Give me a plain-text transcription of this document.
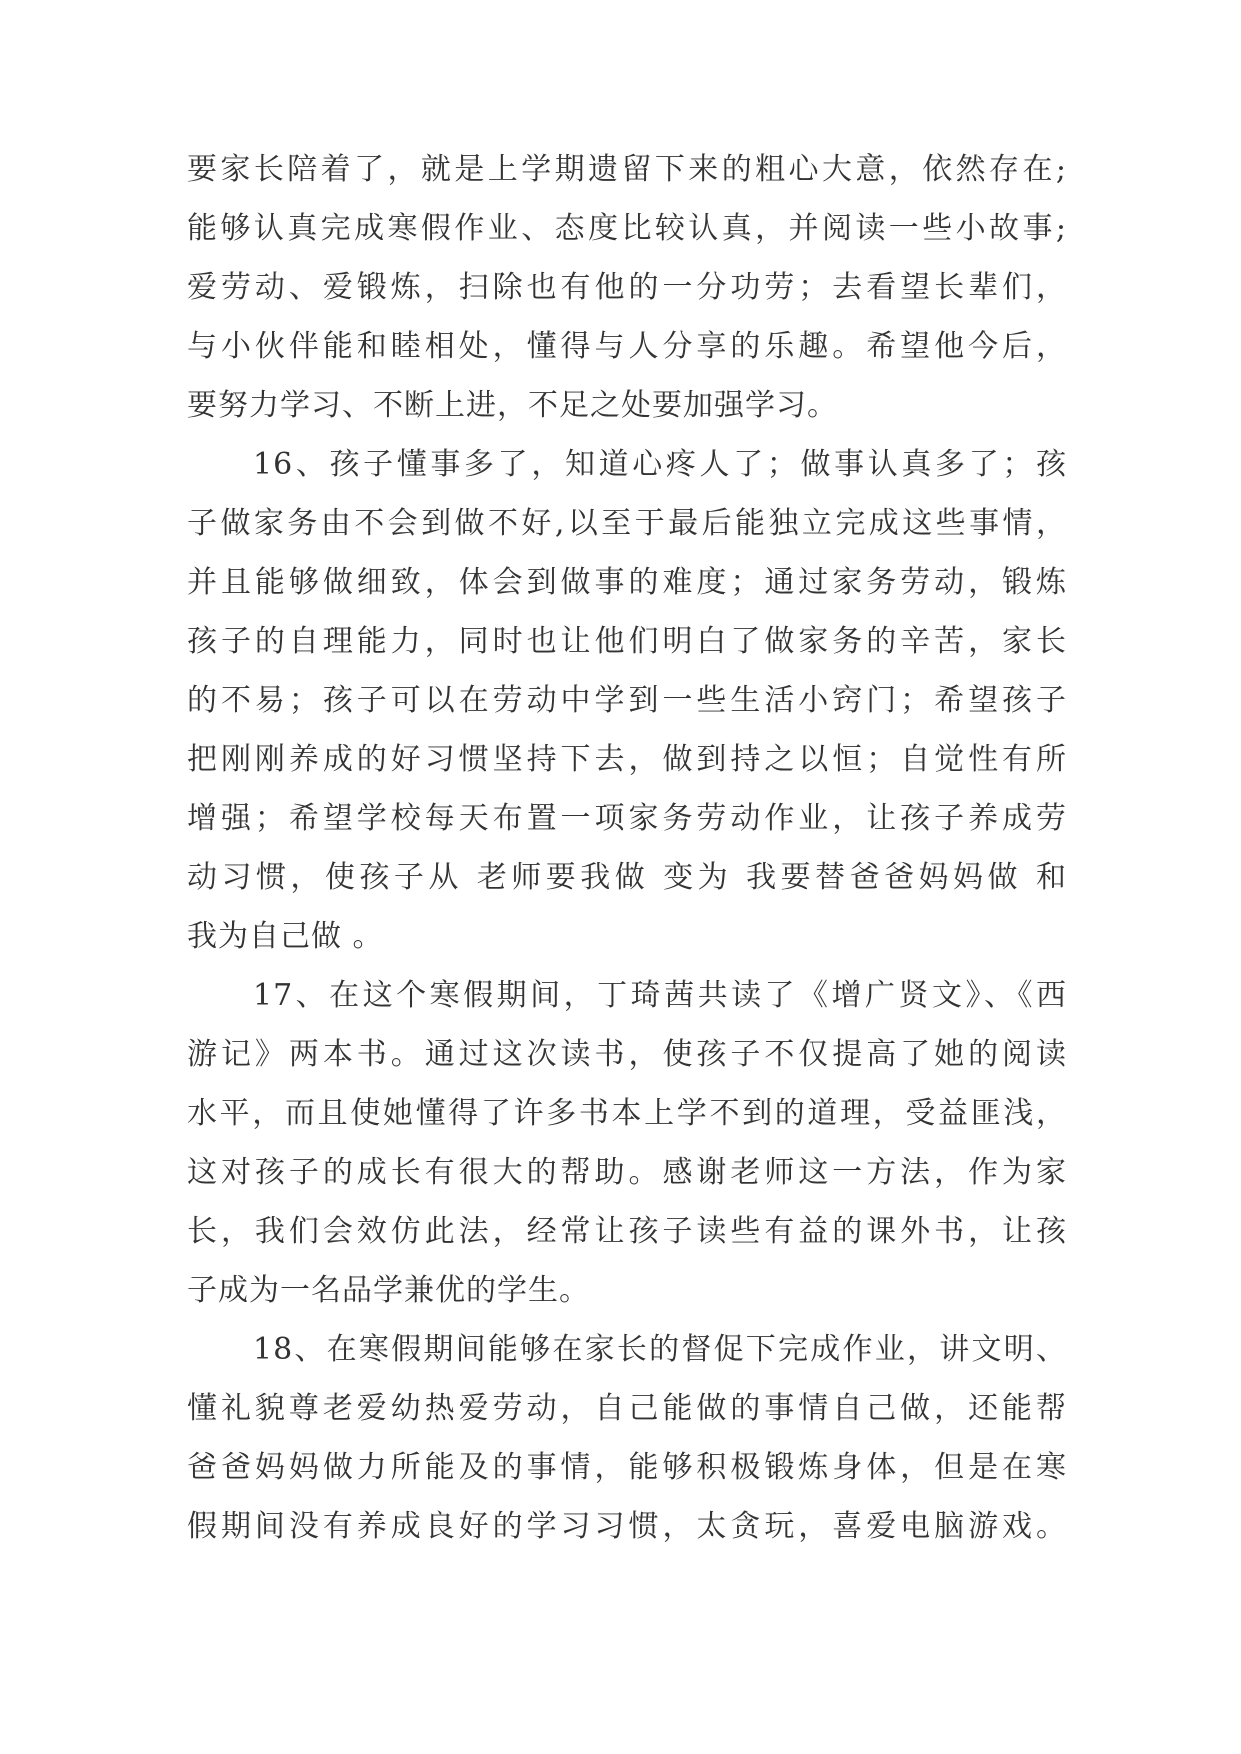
要家长陪着了，就是上学期遗留下来的粗心大意，依然存在;
能够认真完成寒假作业、态度比较认真，并阅读一些小故事;
爱劳动、爱锻炼，扫除也有他的一分功劳；去看望长辈们，
与小伙伴能和睦相处，懂得与人分享的乐趣。希望他今后，
要努力学习、不断上进，不足之处要加强学习。
16、孩子懂事多了，知道心疼人了；做事认真多了；孩
子做家务由不会到做不好,以至于最后能独立完成这些事情，
并且能够做细致，体会到做事的难度；通过家务劳动，锻炼
孩子的自理能力，同时也让他们明白了做家务的辛苦，家长
的不易；孩子可以在劳动中学到一些生活小窍门；希望孩子
把刚刚养成的好习惯坚持下去，做到持之以恒；自觉性有所
增强；希望学校每天布置一项家务劳动作业，让孩子养成劳
动习惯，使孩子从 老师要我做 变为 我要替爸爸妈妈做 和
我为自己做 。
17、在这个寒假期间，丁琦茜共读了《增广贤文》、《西
游记》两本书。通过这次读书，使孩子不仅提高了她的阅读
水平，而且使她懂得了许多书本上学不到的道理，受益匪浅，
这对孩子的成长有很大的帮助。感谢老师这一方法，作为家
长，我们会效仿此法，经常让孩子读些有益的课外书，让孩
子成为一名品学兼优的学生。
18、在寒假期间能够在家长的督促下完成作业，讲文明、
懂礼貌尊老爱幼热爱劳动，自己能做的事情自己做，还能帮
爸爸妈妈做力所能及的事情，能够积极锻炼身体，但是在寒
假期间没有养成良好的学习习惯，太贪玩，喜爱电脑游戏。
